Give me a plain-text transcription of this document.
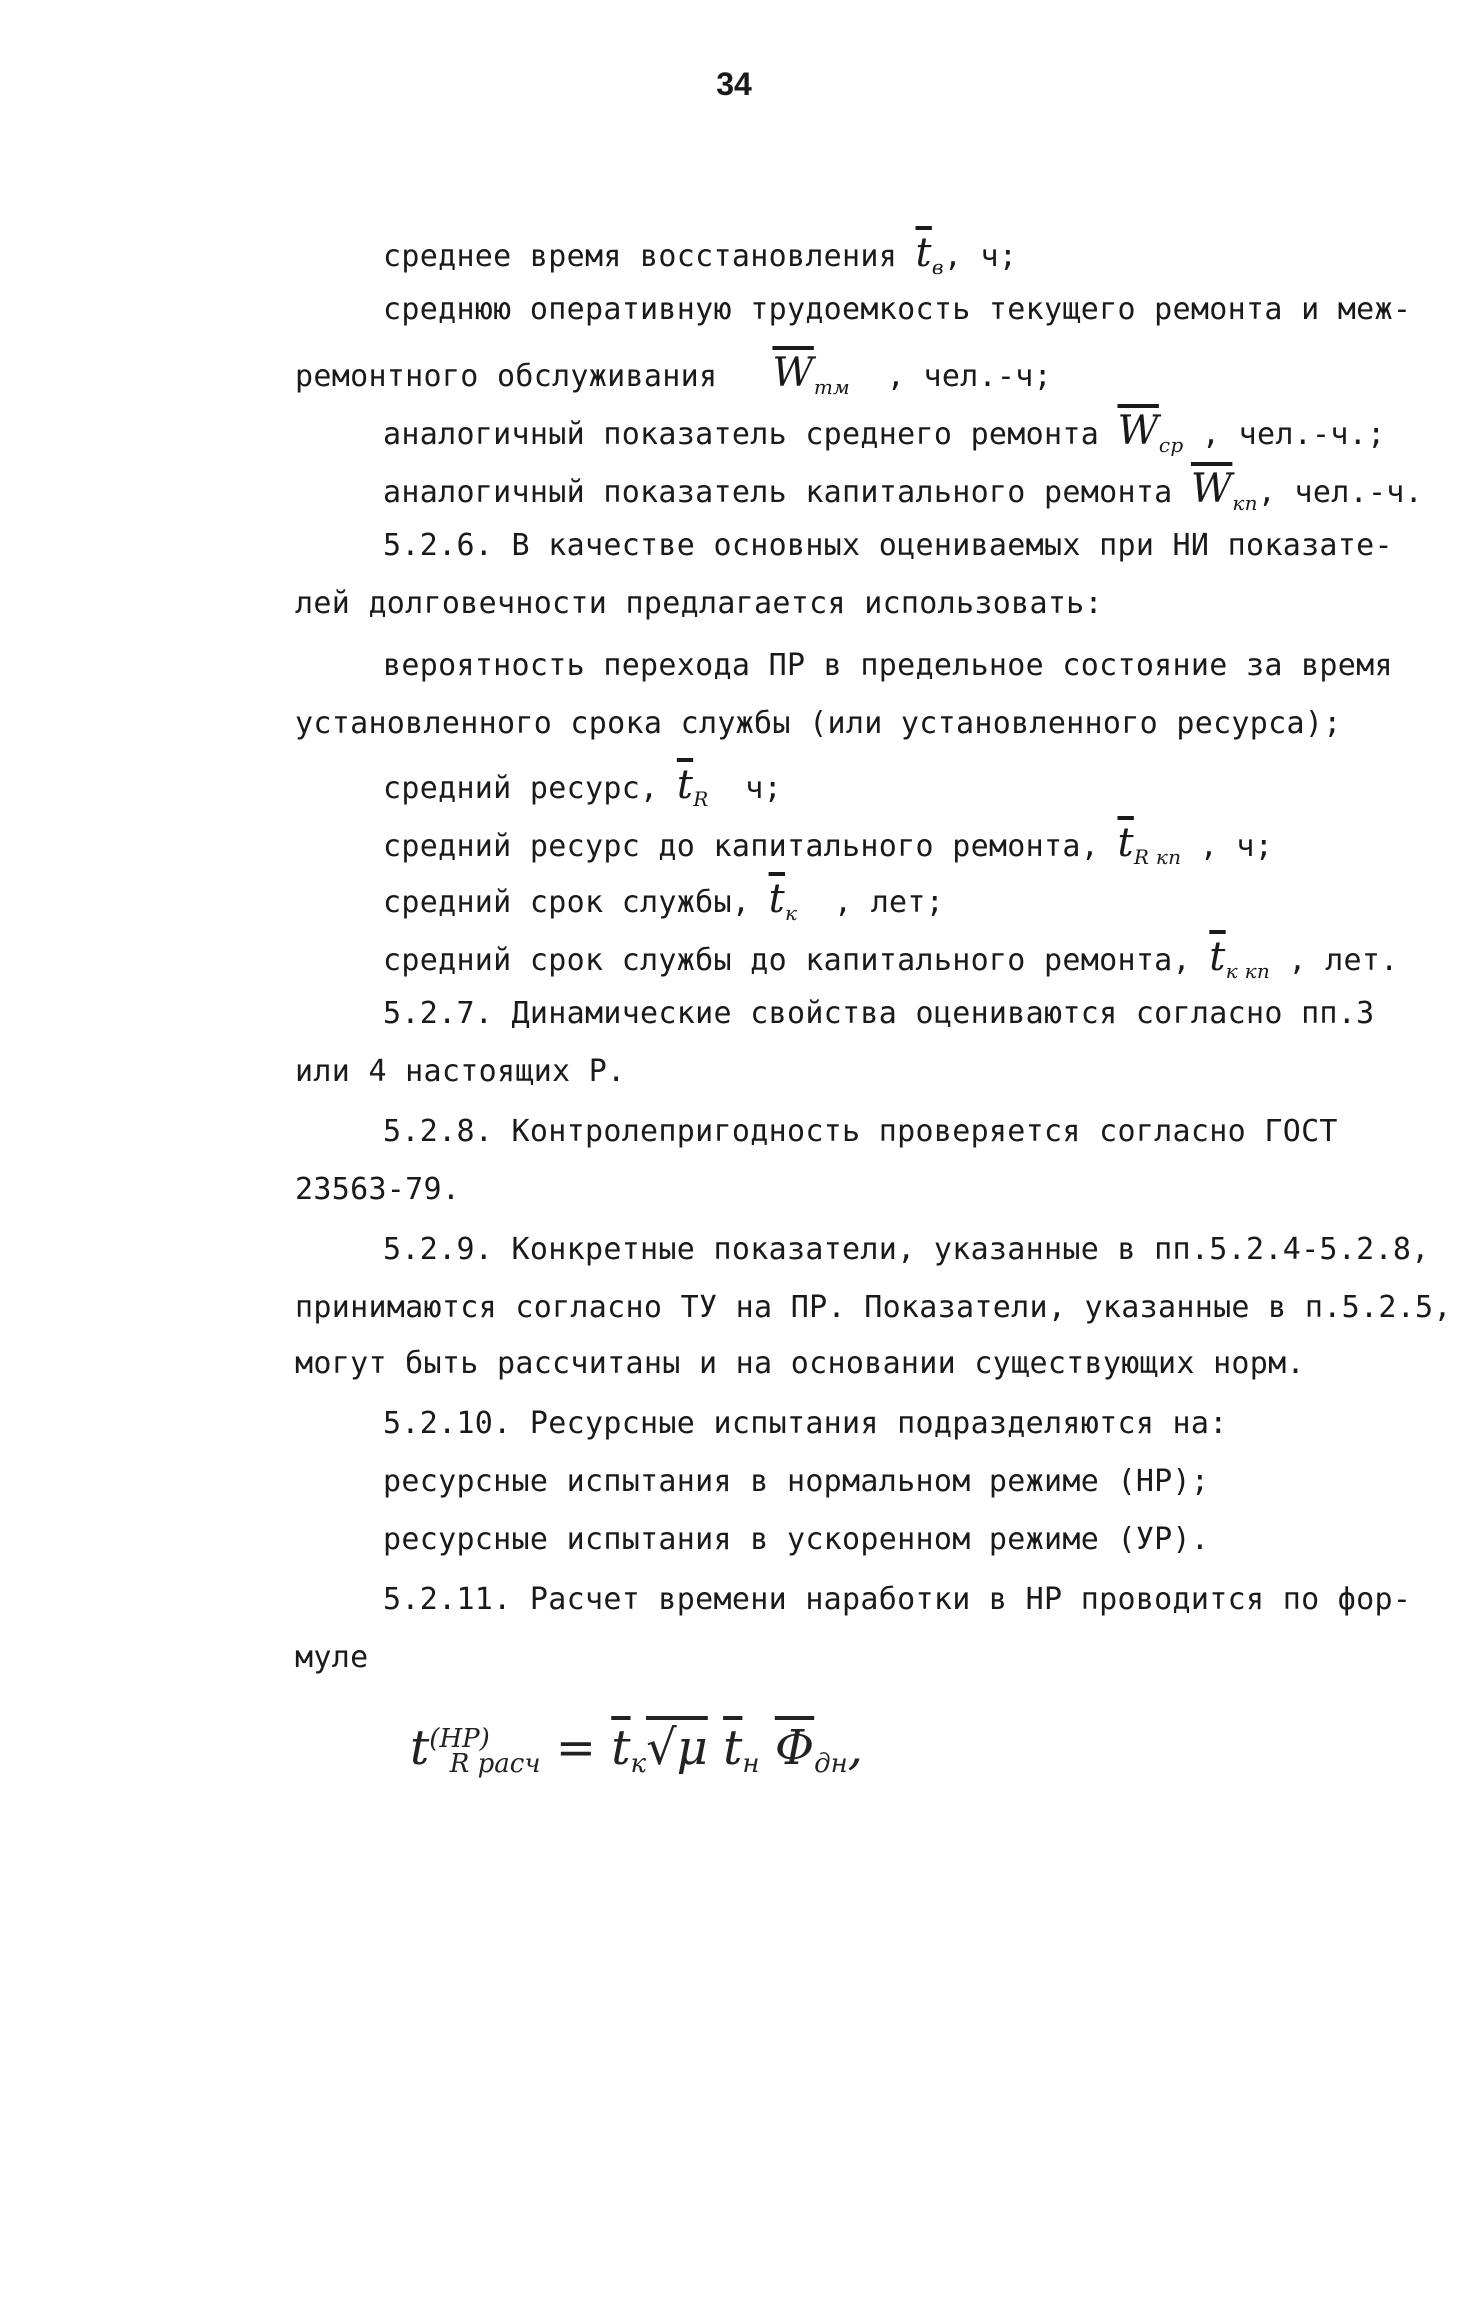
34
среднее время восстановления $\overline{t}_в$, ч;
среднюю оперативную трудоемкость текущего ремонта и меж-
ремонтного обслуживания $\overline{W}_{тм}$ , чел.-ч;
аналогичный показатель среднего ремонта $\overline{W}_{ср}$ , чел.-ч.;
аналогичный показатель капитального ремонта $\overline{W}_{кп}$, чел.-ч.
5.2.6. В качестве основных оцениваемых при НИ показате-
лей долговечности предлагается использовать:
вероятность перехода ПР в предельное состояние за время
установленного срока службы (или установленного ресурса);
средний ресурс, $\overline{t}_R$ ч;
средний ресурс до капитального ремонта, $\overline{t}_{R кп}$ , ч;
средний срок службы, $\overline{t}_к$ , лет;
средний срок службы до капитального ремонта, $\overline{t}_{к кп}$ , лет.
5.2.7. Динамические свойства оцениваются согласно пп.3
или 4 настоящих Р.
5.2.8. Контролепригодность проверяется согласно ГОСТ
23563-79.
5.2.9. Конкретные показатели, указанные в пп.5.2.4-5.2.8,
принимаются согласно ТУ на ПР. Показатели, указанные в п.5.2.5,
могут быть рассчитаны и на основании существующих норм.
5.2.10. Ресурсные испытания подразделяются на:
ресурсные испытания в нормальном режиме (НР);
ресурсные испытания в ускоренном режиме (УР).
5.2.11. Расчет времени наработки в НР проводится по фор-
муле
$t^{(НР)}_{R расч} = \overline{t}_к√\mu$ $\overline{t}_н$ $\overline{\Phi}_{дн}$,
